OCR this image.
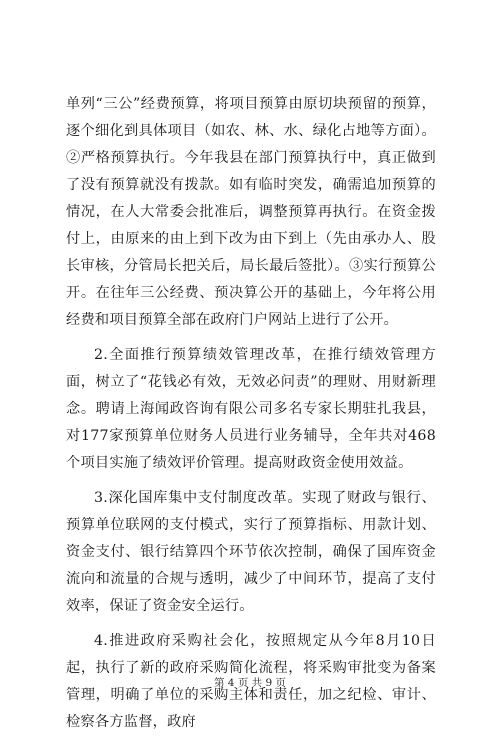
单列“三公”经费预算，将项目预算由原切块预留的预算，逐个细化到具体项目（如农、林、水、绿化占地等方面）。②严格预算执行。今年我县在部门预算执行中，真正做到了没有预算就没有拨款。如有临时突发，确需追加预算的情况，在人大常委会批准后，调整预算再执行。在资金拨付上，由原来的由上到下改为由下到上（先由承办人、股长审核，分管局长把关后，局长最后签批）。③实行预算公开。在往年三公经费、预决算公开的基础上，今年将公用经费和项目预算全部在政府门户网站上进行了公开。

2.全面推行预算绩效管理改革，在推行绩效管理方面，树立了“花钱必有效，无效必问责”的理财、用财新理念。聘请上海闻政咨询有限公司多名专家长期驻扎我县，对177家预算单位财务人员进行业务辅导，全年共对468个项目实施了绩效评价管理。提高财政资金使用效益。

3.深化国库集中支付制度改革。实现了财政与银行、预算单位联网的支付模式，实行了预算指标、用款计划、资金支付、银行结算四个环节依次控制，确保了国库资金流向和流量的合规与透明，减少了中间环节，提高了支付效率，保证了资金安全运行。

4.推进政府采购社会化，按照规定从今年8月10日起，执行了新的政府采购简化流程，将采购审批变为备案管理，明确了单位的采购主体和责任，加之纪检、审计、检察各方监督，政府

第 4 页 共 9 页
